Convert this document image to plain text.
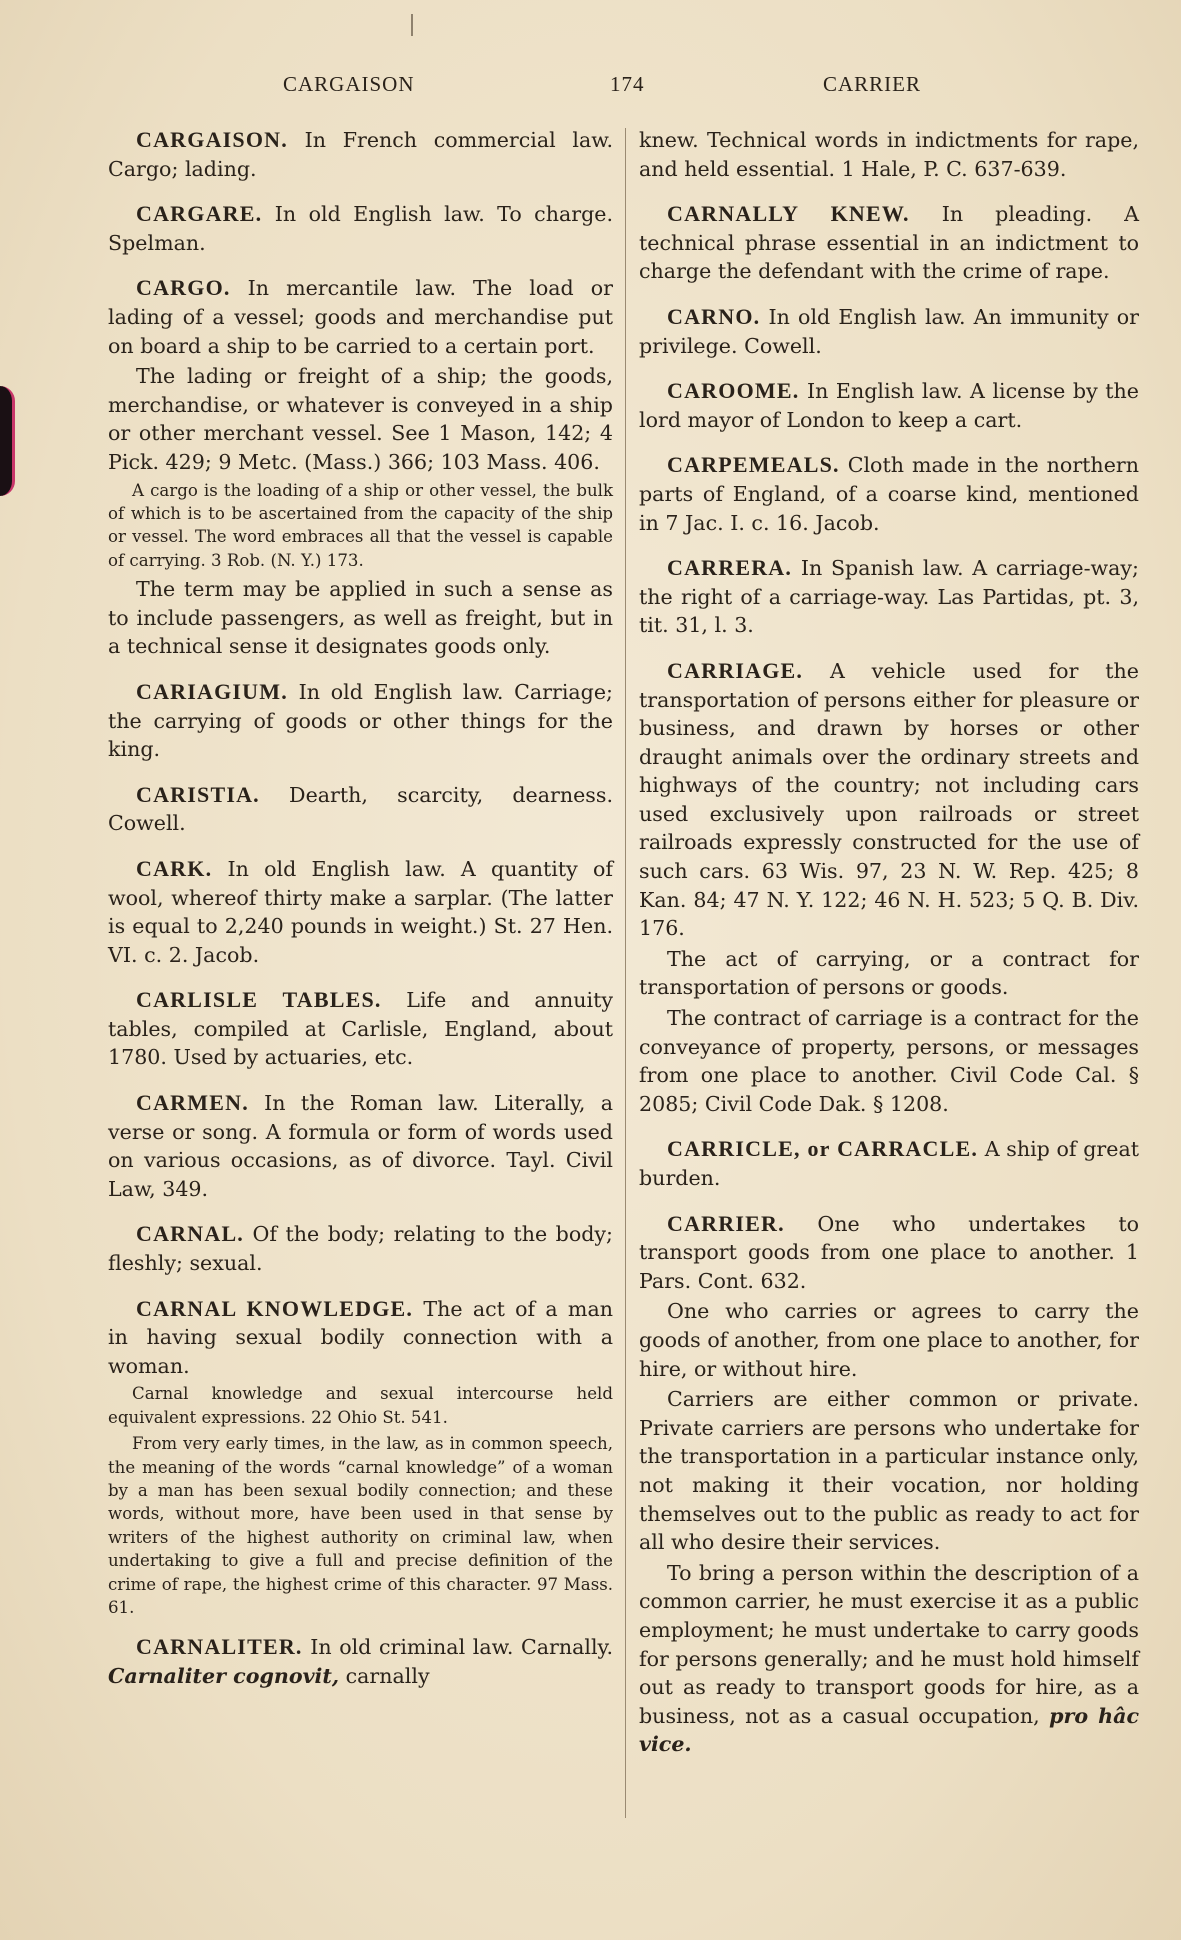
CARGAISON	174	CARRIER

CARGAISON. In French commercial law. Cargo; lading.

CARGARE. In old English law. To charge. Spelman.

CARGO. In mercantile law. The load or lading of a vessel; goods and merchandise put on board a ship to be carried to a certain port.

The lading or freight of a ship; the goods, merchandise, or whatever is conveyed in a ship or other merchant vessel. See 1 Mason, 142; 4 Pick. 429; 9 Metc. (Mass.) 366; 103 Mass. 406.

A cargo is the loading of a ship or other vessel, the bulk of which is to be ascertained from the capacity of the ship or vessel. The word embraces all that the vessel is capable of carrying. 3 Rob. (N. Y.) 173.

The term may be applied in such a sense as to include passengers, as well as freight, but in a technical sense it designates goods only.

CARIAGIUM. In old English law. Carriage; the carrying of goods or other things for the king.

CARISTIA. Dearth, scarcity, dearness. Cowell.

CARK. In old English law. A quantity of wool, whereof thirty make a sarplar. (The latter is equal to 2,240 pounds in weight.) St. 27 Hen. VI. c. 2. Jacob.

CARLISLE TABLES. Life and annuity tables, compiled at Carlisle, England, about 1780. Used by actuaries, etc.

CARMEN. In the Roman law. Literally, a verse or song. A formula or form of words used on various occasions, as of divorce. Tayl. Civil Law, 349.

CARNAL. Of the body; relating to the body; fleshly; sexual.

CARNAL KNOWLEDGE. The act of a man in having sexual bodily connection with a woman.

Carnal knowledge and sexual intercourse held equivalent expressions. 22 Ohio St. 541.

From very early times, in the law, as in common speech, the meaning of the words “carnal knowledge” of a woman by a man has been sexual bodily connection; and these words, without more, have been used in that sense by writers of the highest authority on criminal law, when undertaking to give a full and precise definition of the crime of rape, the highest crime of this character. 97 Mass. 61.

CARNALITER. In old criminal law. Carnally. Carnaliter cognovit, carnally

knew. Technical words in indictments for rape, and held essential. 1 Hale, P. C. 637-639.

CARNALLY KNEW. In pleading. A technical phrase essential in an indictment to charge the defendant with the crime of rape.

CARNO. In old English law. An immunity or privilege. Cowell.

CAROOME. In English law. A license by the lord mayor of London to keep a cart.

CARPEMEALS. Cloth made in the northern parts of England, of a coarse kind, mentioned in 7 Jac. I. c. 16. Jacob.

CARRERA. In Spanish law. A carriage-way; the right of a carriage-way. Las Partidas, pt. 3, tit. 31, l. 3.

CARRIAGE. A vehicle used for the transportation of persons either for pleasure or business, and drawn by horses or other draught animals over the ordinary streets and highways of the country; not including cars used exclusively upon railroads or street railroads expressly constructed for the use of such cars. 63 Wis. 97, 23 N. W. Rep. 425; 8 Kan. 84; 47 N. Y. 122; 46 N. H. 523; 5 Q. B. Div. 176.

The act of carrying, or a contract for transportation of persons or goods.

The contract of carriage is a contract for the conveyance of property, persons, or messages from one place to another. Civil Code Cal. § 2085; Civil Code Dak. § 1208.

CARRICLE, or CARRACLE. A ship of great burden.

CARRIER. One who undertakes to transport goods from one place to another. 1 Pars. Cont. 632.

One who carries or agrees to carry the goods of another, from one place to another, for hire, or without hire.

Carriers are either common or private. Private carriers are persons who undertake for the transportation in a particular instance only, not making it their vocation, nor holding themselves out to the public as ready to act for all who desire their services.

To bring a person within the description of a common carrier, he must exercise it as a public employment; he must undertake to carry goods for persons generally; and he must hold himself out as ready to transport goods for hire, as a business, not as a casual occupation, pro hâc vice.
